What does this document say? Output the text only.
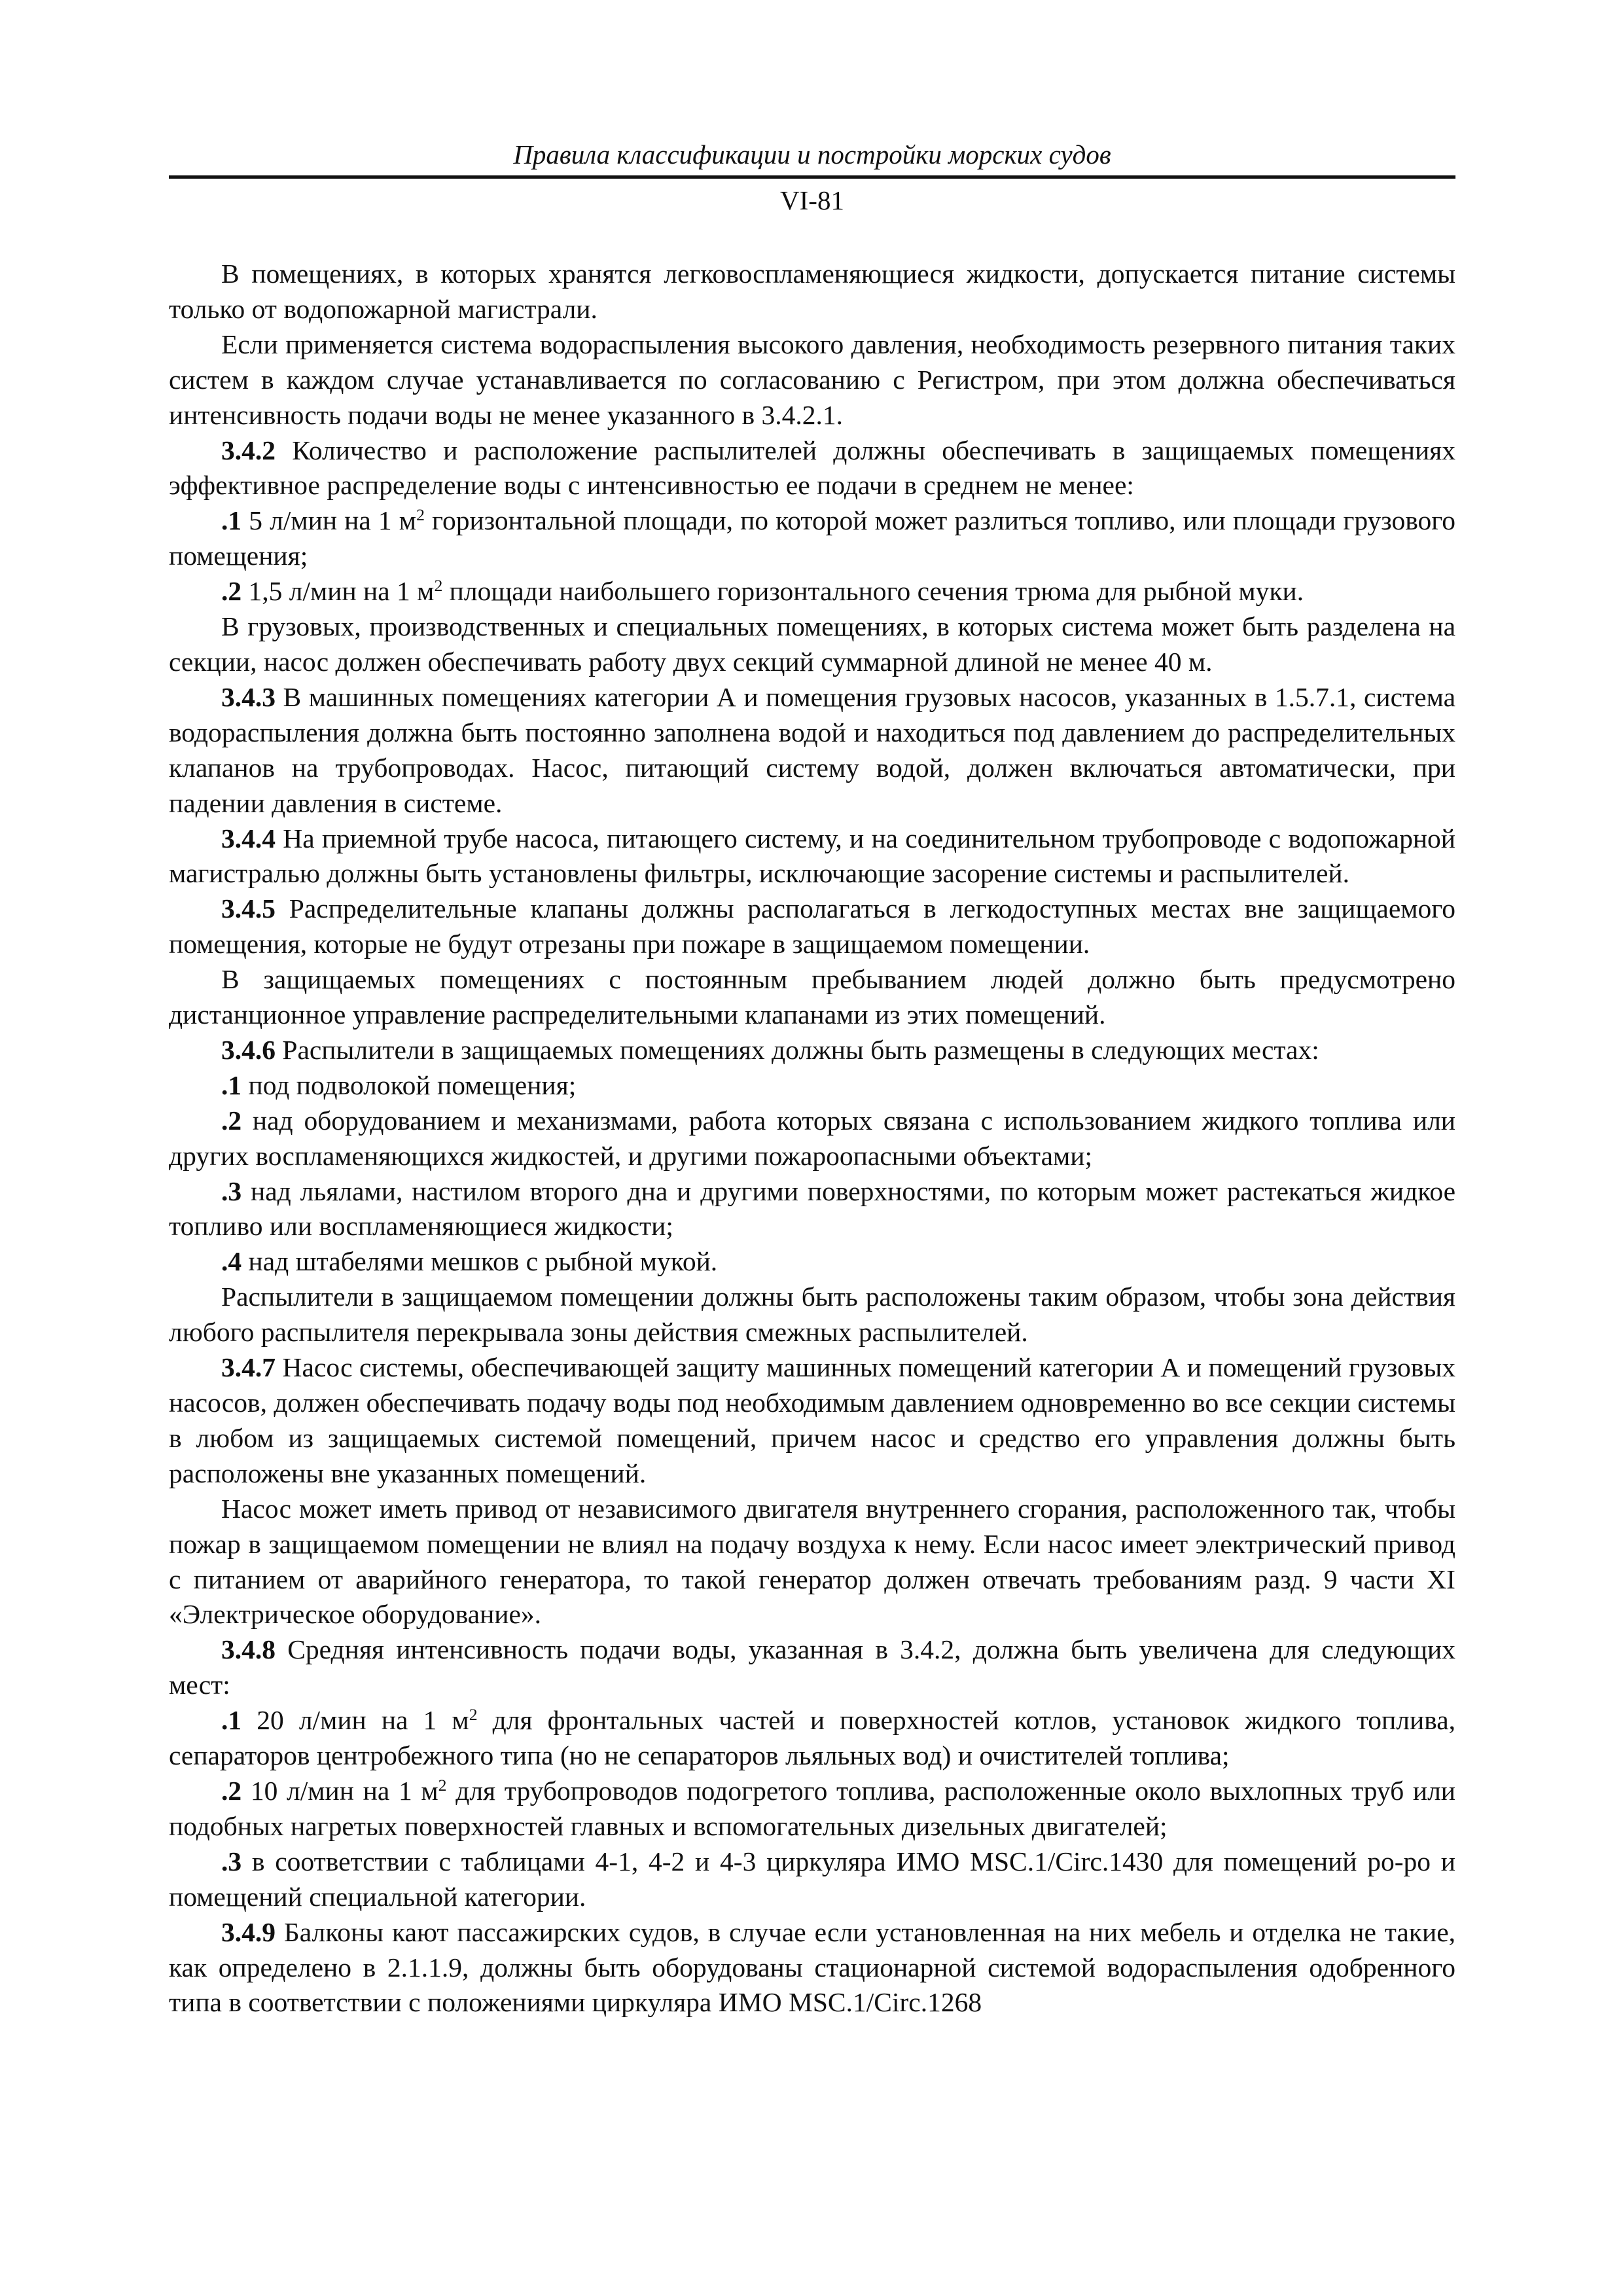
Правила классификации и постройки морских судов
VI-81

В помещениях, в которых хранятся легковоспламеняющиеся жидкости, допускается питание системы только от водопожарной магистрали.

Если применяется система водораспыления высокого давления, необходимость резервного питания таких систем в каждом случае устанавливается по согласованию с Регистром, при этом должна обеспечиваться интенсивность подачи воды не менее указанного в 3.4.2.1.

3.4.2 Количество и расположение распылителей должны обеспечивать в защищаемых помещениях эффективное распределение воды с интенсивностью ее подачи в среднем не менее:

.1 5 л/мин на 1 $м^2$ горизонтальной площади, по которой может разлиться топливо, или площади грузового помещения;

.2 1,5 л/мин на 1 $м^2$ площади наибольшего горизонтального сечения трюма для рыбной муки.

В грузовых, производственных и специальных помещениях, в которых система может быть разделена на секции, насос должен обеспечивать работу двух секций суммарной длиной не менее 40 м.

3.4.3 В машинных помещениях категории А и помещения грузовых насосов, указанных в 1.5.7.1, система водораспыления должна быть постоянно заполнена водой и находиться под давлением до распределительных клапанов на трубопроводах. Насос, питающий систему водой, должен включаться автоматически, при падении давления в системе.

3.4.4 На приемной трубе насоса, питающего систему, и на соединительном трубопроводе с водопожарной магистралью должны быть установлены фильтры, исключающие засорение системы и распылителей.

3.4.5 Распределительные клапаны должны располагаться в легкодоступных местах вне защищаемого помещения, которые не будут отрезаны при пожаре в защищаемом помещении.

В защищаемых помещениях с постоянным пребыванием людей должно быть предусмотрено дистанционное управление распределительными клапанами из этих помещений.

3.4.6 Распылители в защищаемых помещениях должны быть размещены в следующих местах:

.1 под подволокой помещения;

.2 над оборудованием и механизмами, работа которых связана с использованием жидкого топлива или других воспламеняющихся жидкостей, и другими пожароопасными объектами;

.3 над льялами, настилом второго дна и другими поверхностями, по которым может растекаться жидкое топливо или воспламеняющиеся жидкости;

.4 над штабелями мешков с рыбной мукой.

Распылители в защищаемом помещении должны быть расположены таким образом, чтобы зона действия любого распылителя перекрывала зоны действия смежных распылителей.

3.4.7 Насос системы, обеспечивающей защиту машинных помещений категории А и помещений грузовых насосов, должен обеспечивать подачу воды под необходимым давлением одновременно во все секции системы в любом из защищаемых системой помещений, причем насос и средство его управления должны быть расположены вне указанных помещений.

Насос может иметь привод от независимого двигателя внутреннего сгорания, расположенного так, чтобы пожар в защищаемом помещении не влиял на подачу воздуха к нему. Если насос имеет электрический привод с питанием от аварийного генератора, то такой генератор должен отвечать требованиям разд. 9 части XI «Электрическое оборудование».

3.4.8 Средняя интенсивность подачи воды, указанная в 3.4.2, должна быть увеличена для следующих мест:

.1 20 л/мин на 1 $м^2$ для фронтальных частей и поверхностей котлов, установок жидкого топлива, сепараторов центробежного типа (но не сепараторов льяльных вод) и очистителей топлива;

.2 10 л/мин на 1 $м^2$ для трубопроводов подогретого топлива, расположенные около выхлопных труб или подобных нагретых поверхностей главных и вспомогательных дизельных двигателей;

.3 в соответствии с таблицами 4-1, 4-2 и 4-3 циркуляра ИМО MSC.1/Circ.1430 для помещений ро-ро и помещений специальной категории.

3.4.9 Балконы кают пассажирских судов, в случае если установленная на них мебель и отделка не такие, как определено в 2.1.1.9, должны быть оборудованы стационарной системой водораспыления одобренного типа в соответствии с положениями циркуляра ИМО MSC.1/Circ.1268
